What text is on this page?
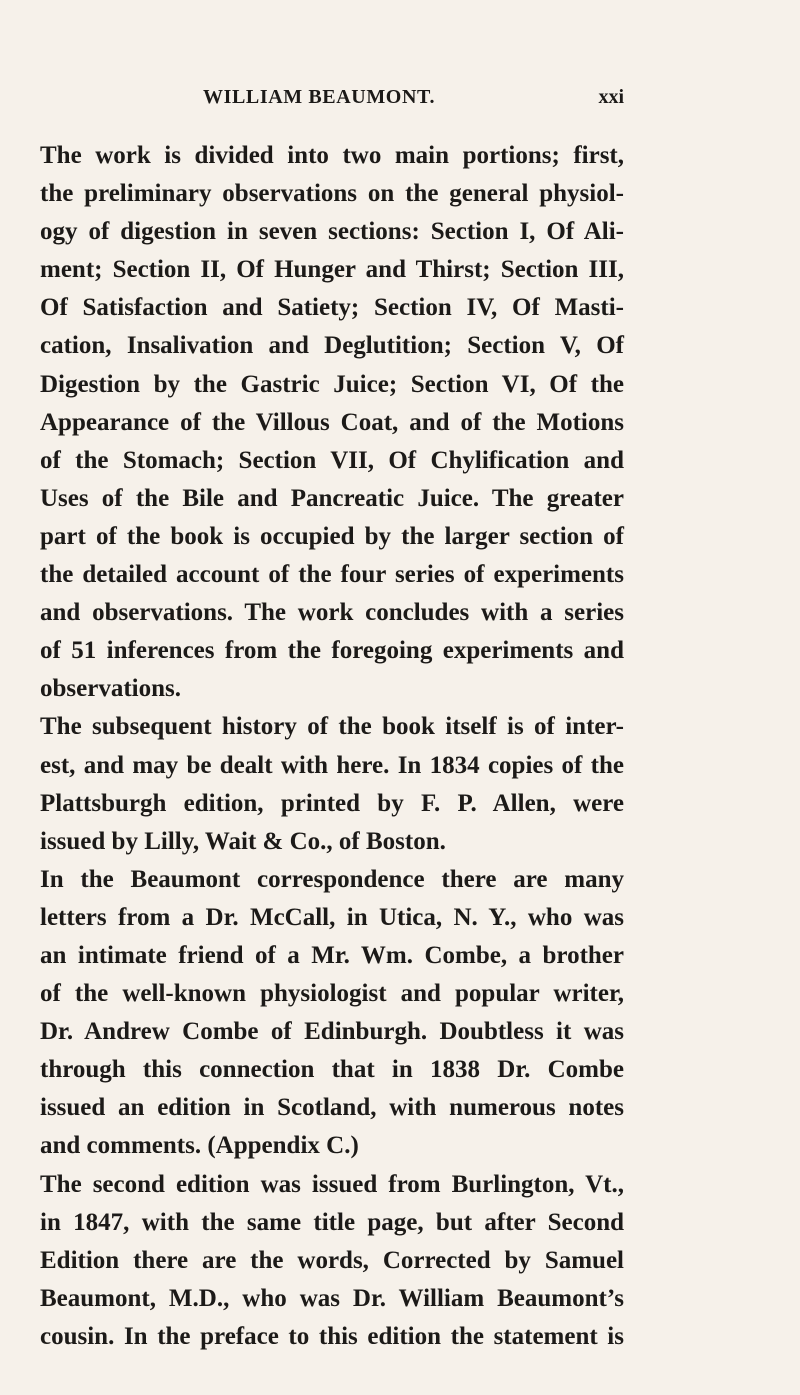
WILLIAM BEAUMONT.	xxi
The work is divided into two main portions; first,
the preliminary observations on the general physiol-
ogy of digestion in seven sections: Section I, Of Ali-
ment; Section II, Of Hunger and Thirst; Section III,
Of Satisfaction and Satiety; Section IV, Of Masti-
cation, Insalivation and Deglutition; Section V, Of
Digestion by the Gastric Juice; Section VI, Of the
Appearance of the Villous Coat, and of the Motions
of the Stomach; Section VII, Of Chylification and
Uses of the Bile and Pancreatic Juice. The greater
part of the book is occupied by the larger section of
the detailed account of the four series of experiments
and observations. The work concludes with a series
of 51 inferences from the foregoing experiments and
observations.
The subsequent history of the book itself is of inter-
est, and may be dealt with here. In 1834 copies of the
Plattsburgh edition, printed by F. P. Allen, were
issued by Lilly, Wait & Co., of Boston.
In the Beaumont correspondence there are many
letters from a Dr. McCall, in Utica, N. Y., who was
an intimate friend of a Mr. Wm. Combe, a brother
of the well-known physiologist and popular writer,
Dr. Andrew Combe of Edinburgh. Doubtless it was
through this connection that in 1838 Dr. Combe
issued an edition in Scotland, with numerous notes
and comments. (Appendix C.)
The second edition was issued from Burlington, Vt.,
in 1847, with the same title page, but after Second
Edition there are the words, Corrected by Samuel
Beaumont, M.D., who was Dr. William Beaumont’s
cousin. In the preface to this edition the statement is
